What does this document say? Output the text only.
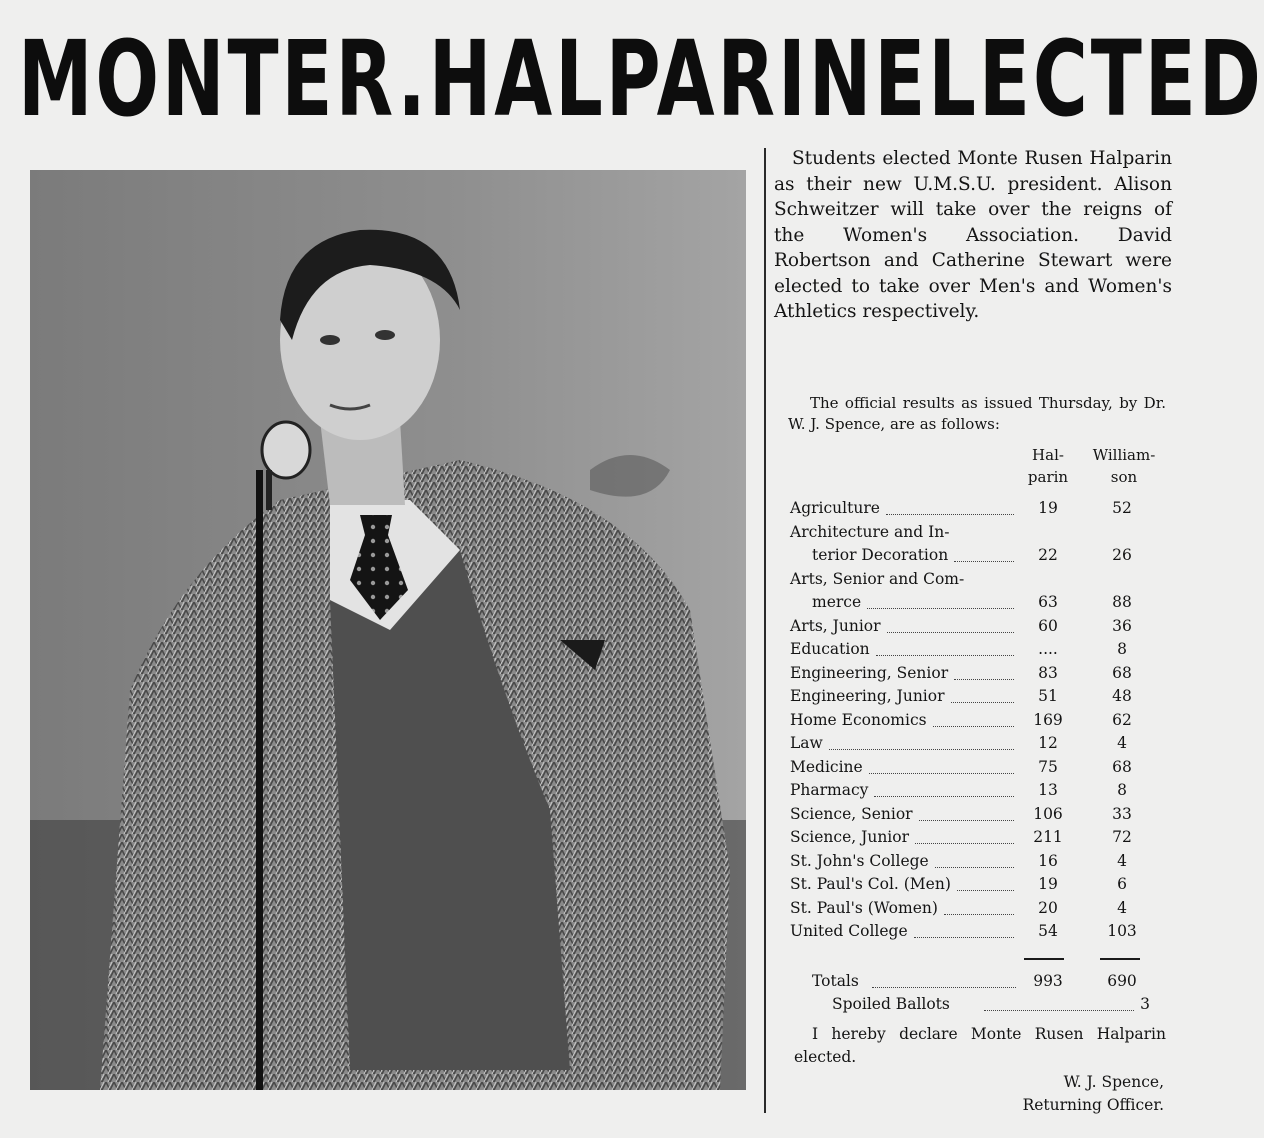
MONTE R. HALPARIN ELECTED

Students elected Monte Rusen Halparin as their new U.M.S.U. president. Alison Schweitzer will take over the reigns of the Women's Association. David Robertson and Catherine Stewart were elected to take over Men's and Women's Athletics respectively.

The official results as issued Thursday, by Dr. W. J. Spence, are as follows:

Hal-
parin
William-
son
Agriculture	19	52
Architecture and In-
terior Decoration	22	26
Arts, Senior and Com-
merce	63	88
Arts, Junior	60	36
Education	....	8
Engineering, Senior	83	68
Engineering, Junior	51	48
Home Economics	169	62
Law	12	4
Medicine	75	68
Pharmacy	13	8
Science, Senior	106	33
Science, Junior	211	72
St. John's College	16	4
St. Paul's Col. (Men)	19	6
St. Paul's (Women)	20	4
United College	54	103
Totals	993	690
Spoiled Ballots	3

I hereby declare Monte Rusen Halparin elected.

W. J. Spence,
Returning Officer.
